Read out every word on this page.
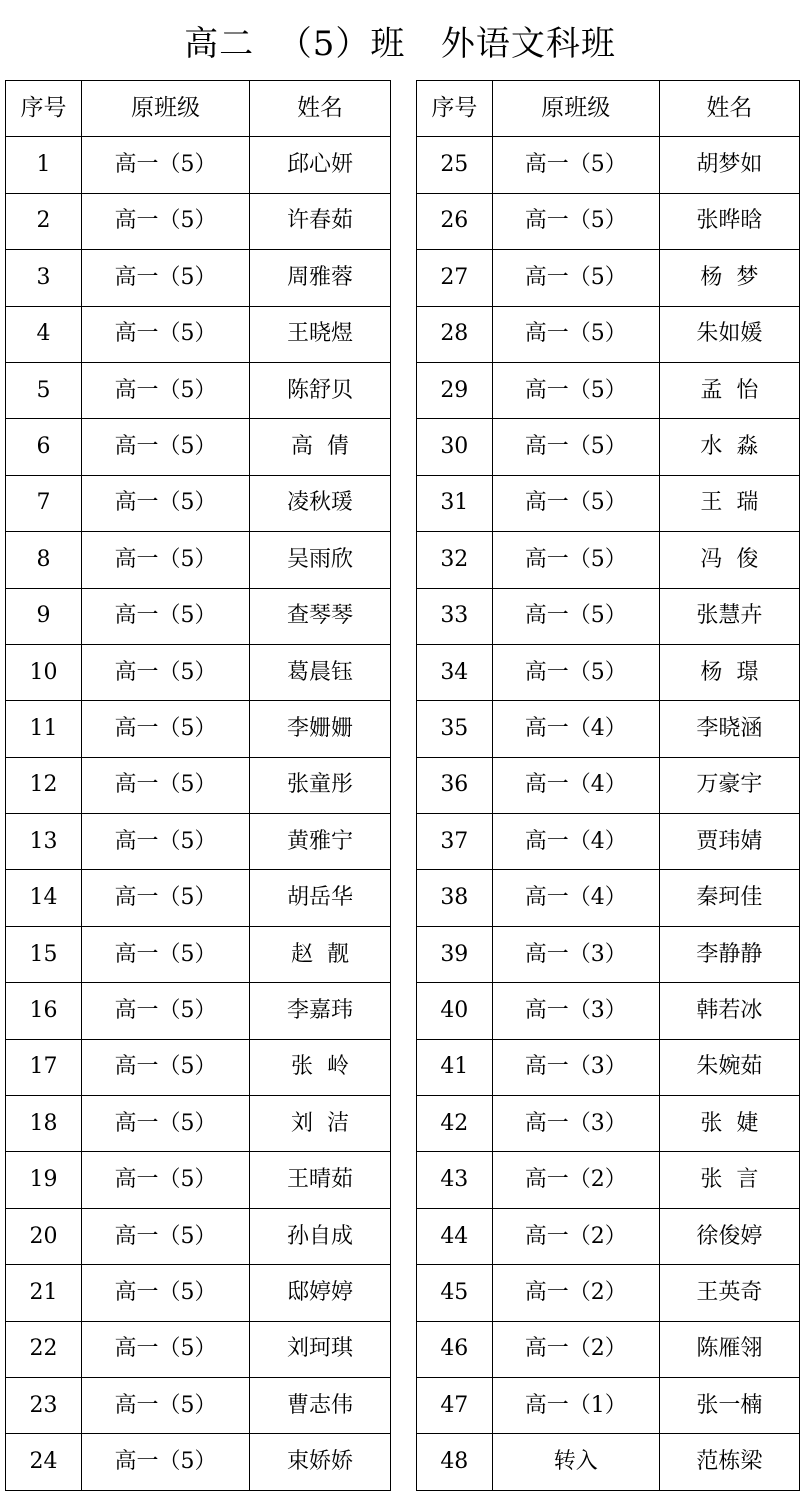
高二  （5）班   外语文科班
序号	原班级	姓名
1	高一（5）	邱心妍
2	高一（5）	许春茹
3	高一（5）	周雅蓉
4	高一（5）	王晓煜
5	高一（5）	陈舒贝
6	高一（5）	高  倩
7	高一（5）	凌秋瑗
8	高一（5）	吴雨欣
9	高一（5）	查琴琴
10	高一（5）	葛晨钰
11	高一（5）	李姗姗
12	高一（5）	张童彤
13	高一（5）	黄雅宁
14	高一（5）	胡岳华
15	高一（5）	赵  靓
16	高一（5）	李嘉玮
17	高一（5）	张  岭
18	高一（5）	刘  洁
19	高一（5）	王晴茹
20	高一（5）	孙自成
21	高一（5）	邸婷婷
22	高一（5）	刘珂琪
23	高一（5）	曹志伟
24	高一（5）	束娇娇
序号	原班级	姓名
25	高一（5）	胡梦如
26	高一（5）	张晔晗
27	高一（5）	杨  梦
28	高一（5）	朱如媛
29	高一（5）	孟  怡
30	高一（5）	水  淼
31	高一（5）	王  瑞
32	高一（5）	冯  俊
33	高一（5）	张慧卉
34	高一（5）	杨  璟
35	高一（4）	李晓涵
36	高一（4）	万豪宇
37	高一（4）	贾玮婧
38	高一（4）	秦珂佳
39	高一（3）	李静静
40	高一（3）	韩若冰
41	高一（3）	朱婉茹
42	高一（3）	张  婕
43	高一（2）	张  言
44	高一（2）	徐俊婷
45	高一（2）	王英奇
46	高一（2）	陈雁翎
47	高一（1）	张一楠
48	转入	范栋梁
